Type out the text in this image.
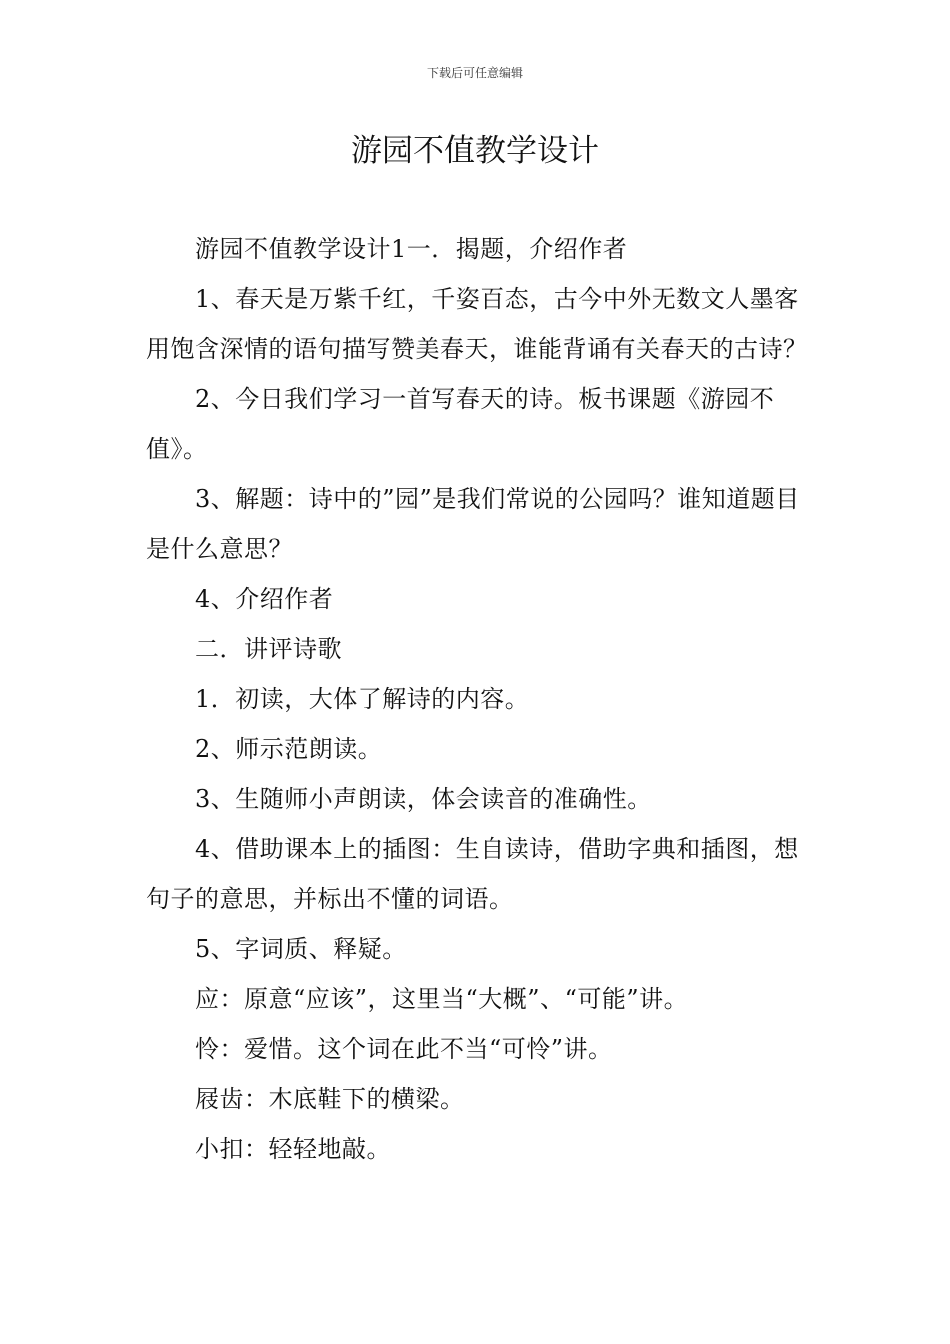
下载后可任意编辑
游园不值教学设计

游园不值教学设计1一．揭题，介绍作者

1、春天是万紫千红，千姿百态，古今中外无数文人墨客用饱含深情的语句描写赞美春天，谁能背诵有关春天的古诗？

2、今日我们学习一首写春天的诗。板书课题《游园不值》。

3、解题：诗中的”园”是我们常说的公园吗？谁知道题目是什么意思？

4、介绍作者

二．讲评诗歌

1．初读，大体了解诗的内容。

2、师示范朗读。

3、生随师小声朗读，体会读音的准确性。

4、借助课本上的插图：生自读诗，借助字典和插图，想句子的意思，并标出不懂的词语。

5、字词质、释疑。

应：原意“应该”，这里当“大概”、“可能”讲。

怜：爱惜。这个词在此不当“可怜”讲。

屐齿：木底鞋下的横梁。

小扣：轻轻地敲。
